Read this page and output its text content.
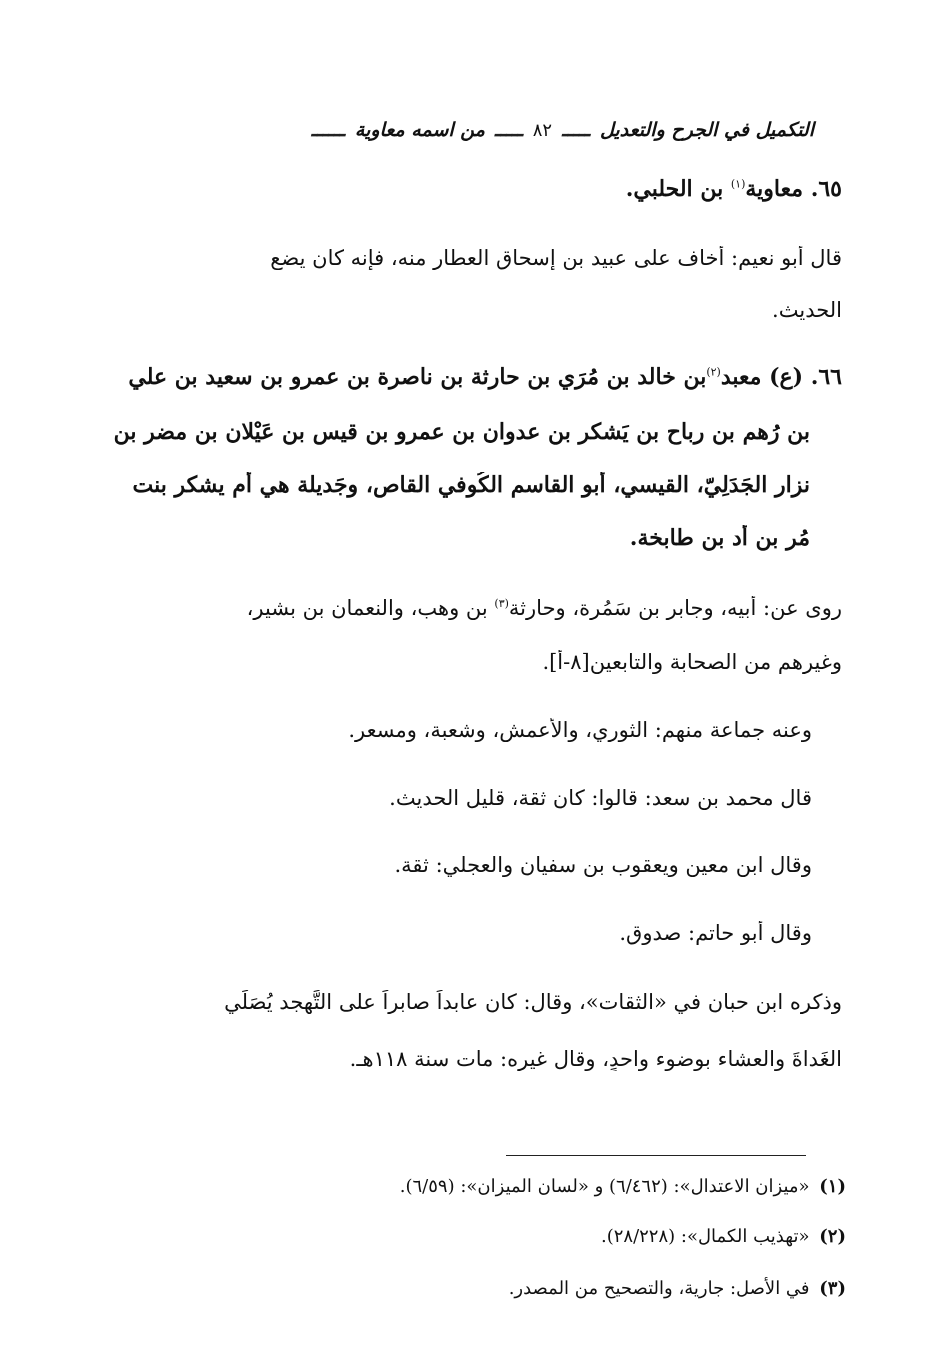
التكميل في الجرح والتعديل
ـــــ
٨٢
ـــــ
من اسمه معاوية
ــــــ
٦٥. معاوية$^{(١)}$ بن الحلبي.
قال أبو نعيم: أخاف على عبيد بن إسحاق العطار منه، فإنه كان يضع
الحديث.
٦٦. (ع) معبد$^{(٢)}$بن خالد بن مُرَي بن حارثة بن ناصرة بن عمرو بن سعيد بن علي
بن رُهم بن رباح بن يَشكر بن عدوان بن عمرو بن قيس بن عَيْلان بن مضر بن
نزار الجَدَلِيّ، القيسي، أبو القاسم الكُوفي القاص، وجَديلة هي أم يشكر بنت
مُر بن أُد بن طابخة.
روى عن: أبيه، وجابر بن سَمُرة، وحارثة$^{(٣)}$ بن وهب، والنعمان بن بشير،
وغيرهم من الصحابة والتابعين[٨-أ].
وعنه جماعة منهم: الثوري، والأعمش، وشعبة، ومسعر.
قال محمد بن سعد: قالوا: كان ثقة، قليل الحديث.
وقال ابن معين ويعقوب بن سفيان والعجلي: ثقة.
وقال أبو حاتم: صدوق.
وذكره ابن حبان في «الثقات»، وقال: كان عابداً صابراً على التَّهجد يُصَلِّي
الغَداةَ والعشاء بوضوء واحدٍ، وقال غيره: مات سنة ١١٨هـ.
(١) «ميزان الاعتدال»: (٦/٤٦٢) و «لسان الميزان»: (٦/٥٩).
(٢) «تهذيب الكمال»: (٢٨/٢٢٨).
(٣) في الأصل: جارية، والتصحيح من المصدر.
